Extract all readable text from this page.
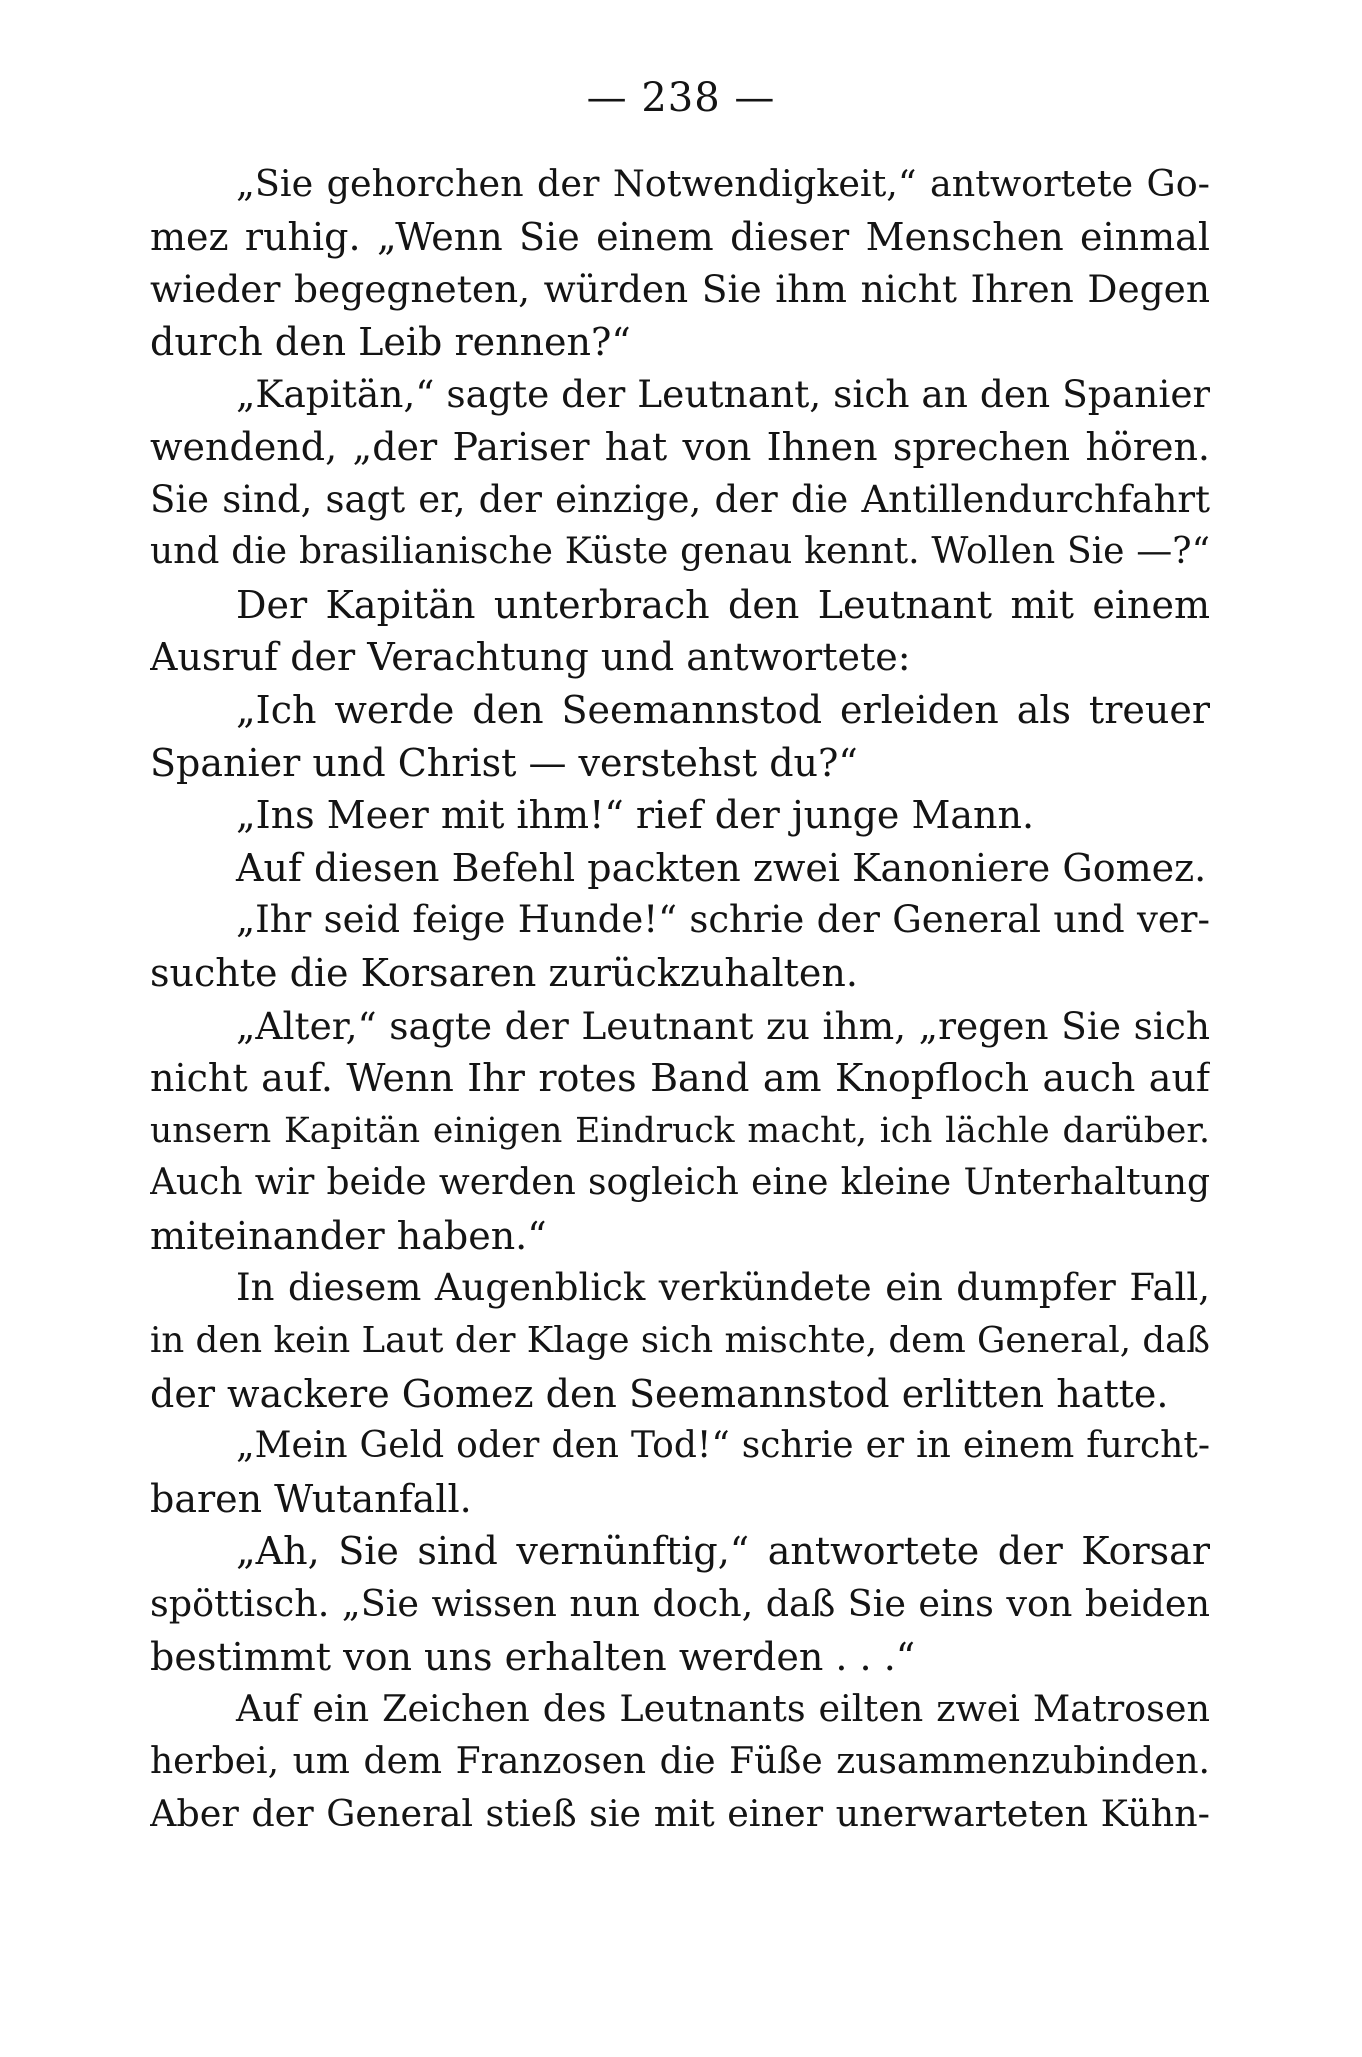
— 238 —
„Sie gehorchen der Notwendigkeit,“ antwortete Go-
mez ruhig. „Wenn Sie einem dieser Menschen einmal
wieder begegneten, würden Sie ihm nicht Ihren Degen
durch den Leib rennen?“
„Kapitän,“ sagte der Leutnant, sich an den Spanier
wendend, „der Pariser hat von Ihnen sprechen hören.
Sie sind, sagt er, der einzige, der die Antillendurchfahrt
und die brasilianische Küste genau kennt. Wollen Sie —?“
Der Kapitän unterbrach den Leutnant mit einem
Ausruf der Verachtung und antwortete:
„Ich werde den Seemannstod erleiden als treuer
Spanier und Christ — verstehst du?“
„Ins Meer mit ihm!“ rief der junge Mann.
Auf diesen Befehl packten zwei Kanoniere Gomez.
„Ihr seid feige Hunde!“ schrie der General und ver-
suchte die Korsaren zurückzuhalten.
„Alter,“ sagte der Leutnant zu ihm, „regen Sie sich
nicht auf. Wenn Ihr rotes Band am Knopfloch auch auf
unsern Kapitän einigen Eindruck macht, ich lächle darüber.
Auch wir beide werden sogleich eine kleine Unterhaltung
miteinander haben.“
In diesem Augenblick verkündete ein dumpfer Fall,
in den kein Laut der Klage sich mischte, dem General, daß
der wackere Gomez den Seemannstod erlitten hatte.
„Mein Geld oder den Tod!“ schrie er in einem furcht-
baren Wutanfall.
„Ah, Sie sind vernünftig,“ antwortete der Korsar
spöttisch. „Sie wissen nun doch, daß Sie eins von beiden
bestimmt von uns erhalten werden . . .“
Auf ein Zeichen des Leutnants eilten zwei Matrosen
herbei, um dem Franzosen die Füße zusammenzubinden.
Aber der General stieß sie mit einer unerwarteten Kühn-
